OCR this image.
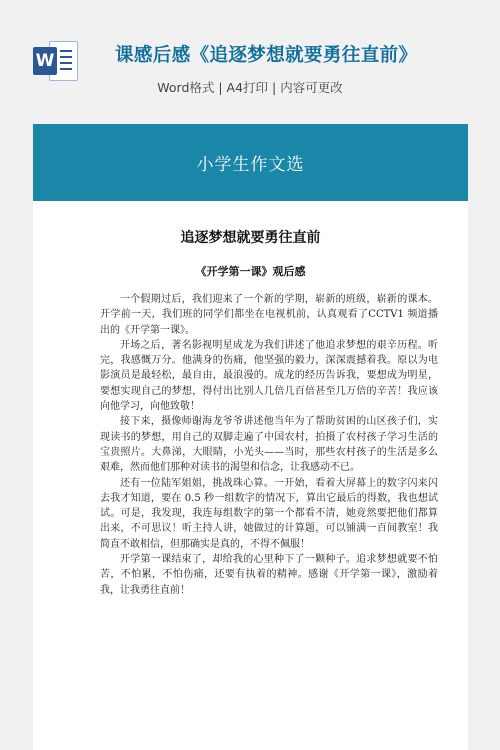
W	课感后感《追逐梦想就要勇往直前》
Word格式 | A4打印 | 内容可更改
小学生作文选
追逐梦想就要勇往直前
《开学第一课》观后感

一个假期过后，我们迎来了一个新的学期，崭新的班级，崭新的课本。开学前一天，我们班的同学们都坐在电视机前，认真观看了CCTV1 频道播出的《开学第一课》。

开场之后，著名影视明星成龙为我们讲述了他追求梦想的艰辛历程。听完，我感慨万分。他满身的伤痛，他坚强的毅力，深深震撼着我。原以为电影演员是最轻松，最自由，最浪漫的。成龙的经历告诉我，要想成为明星，要想实现自己的梦想，得付出比别人几倍几百倍甚至几万倍的辛苦！我应该向他学习，向他致敬！

接下来，摄像师谢海龙爷爷讲述他当年为了帮助贫困的山区孩子们，实现读书的梦想，用自己的双脚走遍了中国农村，拍摄了农村孩子学习生活的宝贵照片。大鼻涕，大眼睛，小光头——当时，那些农村孩子的生活是多么艰难，然而他们那种对读书的渴望和信念，让我感动不已。

还有一位陆军姐姐，挑战珠心算。一开始，看着大屏幕上的数字闪来闪去我才知道，要在 0.5 秒一组数字的情况下，算出它最后的得数，我也想试试。可是，我发现，我连每组数字的第一个都看不清，她竟然要把他们都算出来，不可思议！听主持人讲，她做过的计算题，可以铺满一百间教室！我简直不敢相信，但那确实是真的，不得不佩服！

开学第一课结束了，却给我的心里种下了一颗种子。追求梦想就要不怕苦，不怕累，不怕伤痛，还要有执着的精神。感谢《开学第一课》，激励着我，让我勇往直前！
